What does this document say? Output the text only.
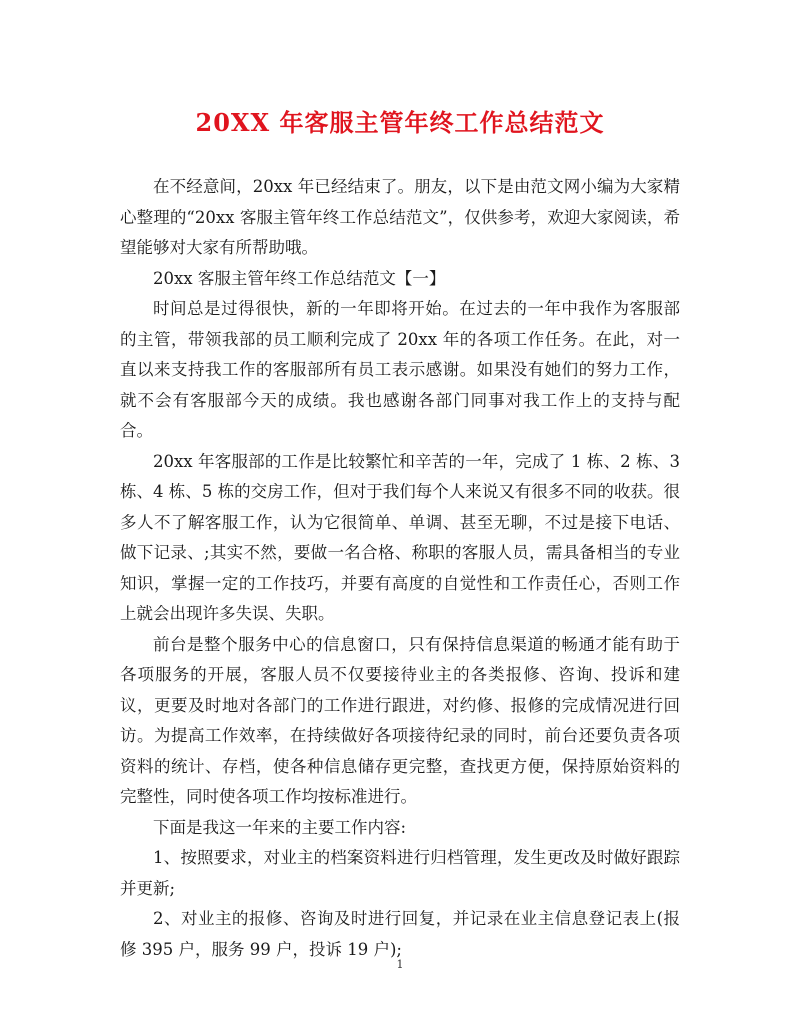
20XX 年客服主管年终工作总结范文

在不经意间，20xx 年已经结束了。朋友，以下是由范文网小编为大家精心整理的“20xx 客服主管年终工作总结范文”，仅供参考，欢迎大家阅读，希望能够对大家有所帮助哦。

20xx 客服主管年终工作总结范文【一】

时间总是过得很快，新的一年即将开始。在过去的一年中我作为客服部的主管，带领我部的员工顺利完成了 20xx 年的各项工作任务。在此，对一直以来支持我工作的客服部所有员工表示感谢。如果没有她们的努力工作，就不会有客服部今天的成绩。我也感谢各部门同事对我工作上的支持与配合。

20xx 年客服部的工作是比较繁忙和辛苦的一年，完成了 1 栋、2 栋、3 栋、4 栋、5 栋的交房工作，但对于我们每个人来说又有很多不同的收获。很多人不了解客服工作，认为它很简单、单调、甚至无聊，不过是接下电话、做下记录、;其实不然，要做一名合格、称职的客服人员，需具备相当的专业知识，掌握一定的工作技巧，并要有高度的自觉性和工作责任心，否则工作上就会出现许多失误、失职。

前台是整个服务中心的信息窗口，只有保持信息渠道的畅通才能有助于各项服务的开展，客服人员不仅要接待业主的各类报修、咨询、投诉和建议，更要及时地对各部门的工作进行跟进，对约修、报修的完成情况进行回访。为提高工作效率，在持续做好各项接待纪录的同时，前台还要负责各项资料的统计、存档，使各种信息储存更完整，查找更方便，保持原始资料的完整性，同时使各项工作均按标准进行。

下面是我这一年来的主要工作内容:

1、按照要求，对业主的档案资料进行归档管理，发生更改及时做好跟踪并更新;

2、对业主的报修、咨询及时进行回复，并记录在业主信息登记表上(报修 395 户，服务 99 户，投诉 19 户);

1
